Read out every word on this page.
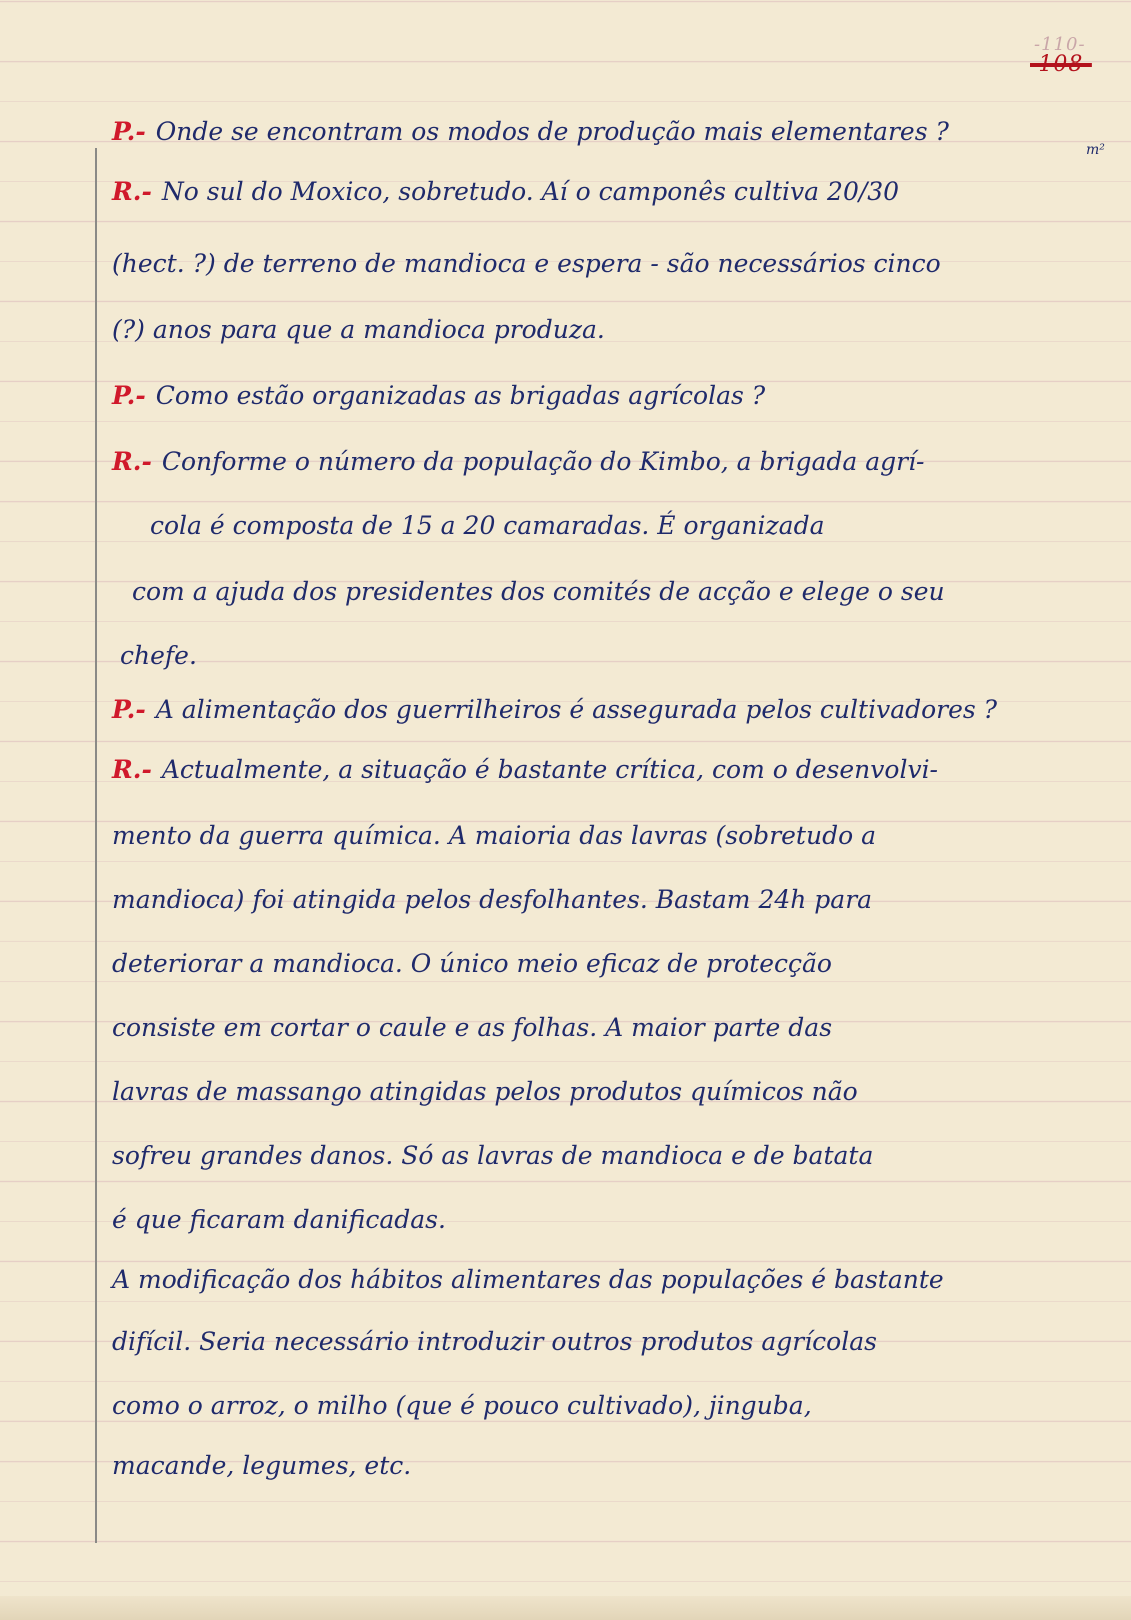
-110-
-108-
m²
P.- Onde se encontram os modos de produção mais elementares ?
R.- No sul do Moxico, sobretudo. Aí o camponês cultiva 20/30
(hect. ?) de terreno de mandioca e espera - são necessários cinco
(?) anos para que a mandioca produza.
P.- Como estão organizadas as brigadas agrícolas ?
R.- Conforme o número da população do Kimbo, a brigada agrí-
cola é composta de 15 a 20 camaradas. É organizada
com a ajuda dos presidentes dos comités de acção e elege o seu
chefe.
P.- A alimentação dos guerrilheiros é assegurada pelos cultivadores ?
R.- Actualmente, a situação é bastante crítica, com o desenvolvi-
mento da guerra química. A maioria das lavras (sobretudo a
mandioca) foi atingida pelos desfolhantes. Bastam 24h para
deteriorar a mandioca. O único meio eficaz de protecção
consiste em cortar o caule e as folhas. A maior parte das
lavras de massango atingidas pelos produtos químicos não
sofreu grandes danos. Só as lavras de mandioca e de batata
é que ficaram danificadas.
A modificação dos hábitos alimentares das populações é bastante
difícil. Seria necessário introduzir outros produtos agrícolas
como o arroz, o milho (que é pouco cultivado), jinguba,
macande, legumes, etc.
